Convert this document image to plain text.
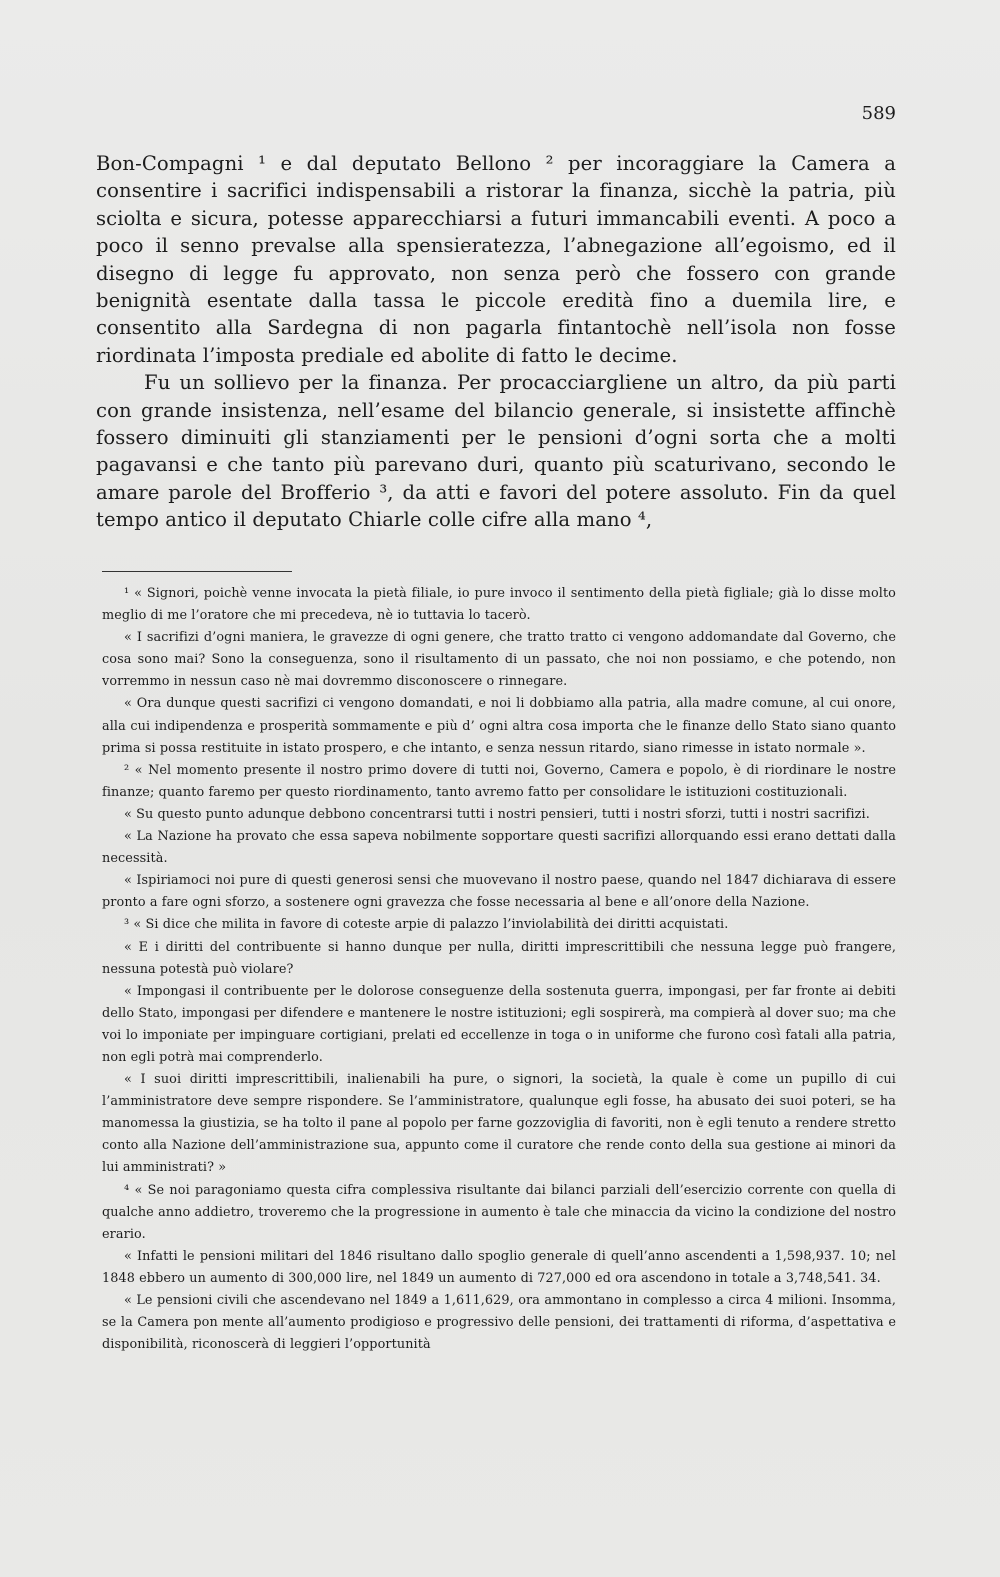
589

Bon-Compagni ¹ e dal deputato Bellono ² per incoraggiare la Camera a consentire i sacrifici indispensabili a ristorar la finanza, sicchè la patria, più sciolta e sicura, potesse apparecchiarsi a futuri immancabili eventi. A poco a poco il senno prevalse alla spensieratezza, l’abnegazione all’egoismo, ed il disegno di legge fu approvato, non senza però che fossero con grande benignità esentate dalla tassa le piccole eredità fino a duemila lire, e consentito alla Sardegna di non pagarla fintantochè nell’isola non fosse riordinata l’imposta prediale ed abolite di fatto le decime.

Fu un sollievo per la finanza. Per procacciargliene un altro, da più parti con grande insistenza, nell’esame del bilancio generale, si insistette affinchè fossero diminuiti gli stanziamenti per le pensioni d’ogni sorta che a molti pagavansi e che tanto più parevano duri, quanto più scaturivano, secondo le amare parole del Brofferio ³, da atti e favori del potere assoluto. Fin da quel tempo antico il deputato Chiarle colle cifre alla mano ⁴,

¹ « Signori, poichè venne invocata la pietà filiale, io pure invoco il sentimento della pietà figliale; già lo disse molto meglio di me l’oratore che mi precedeva, nè io tuttavia lo tacerò.

« I sacrifizi d’ogni maniera, le gravezze di ogni genere, che tratto tratto ci vengono addomandate dal Governo, che cosa sono mai? Sono la conseguenza, sono il risultamento di un passato, che noi non possiamo, e che potendo, non vorremmo in nessun caso nè mai dovremmo disconoscere o rinnegare.

« Ora dunque questi sacrifizi ci vengono domandati, e noi li dobbiamo alla patria, alla madre comune, al cui onore, alla cui indipendenza e prosperità sommamente e più d’ ogni altra cosa importa che le finanze dello Stato siano quanto prima si possa restituite in istato prospero, e che intanto, e senza nessun ritardo, siano rimesse in istato normale ».

² « Nel momento presente il nostro primo dovere di tutti noi, Governo, Camera e popolo, è di riordinare le nostre finanze; quanto faremo per questo riordinamento, tanto avremo fatto per consolidare le istituzioni costituzionali.

« Su questo punto adunque debbono concentrarsi tutti i nostri pensieri, tutti i nostri sforzi, tutti i nostri sacrifizi.

« La Nazione ha provato che essa sapeva nobilmente sopportare questi sacrifizi allorquando essi erano dettati dalla necessità.

« Ispiriamoci noi pure di questi generosi sensi che muovevano il nostro paese, quando nel 1847 dichiarava di essere pronto a fare ogni sforzo, a sostenere ogni gravezza che fosse necessaria al bene e all’onore della Nazione.

³ « Si dice che milita in favore di coteste arpie di palazzo l’inviolabilità dei diritti acquistati.

« E i diritti del contribuente si hanno dunque per nulla, diritti imprescrittibili che nessuna legge può frangere, nessuna potestà può violare?

« Impongasi il contribuente per le dolorose conseguenze della sostenuta guerra, impongasi, per far fronte ai debiti dello Stato, impongasi per difendere e mantenere le nostre istituzioni; egli sospirerà, ma compierà al dover suo; ma che voi lo imponiate per impinguare cortigiani, prelati ed eccellenze in toga o in uniforme che furono così fatali alla patria, non egli potrà mai comprenderlo.

« I suoi diritti imprescrittibili, inalienabili ha pure, o signori, la società, la quale è come un pupillo di cui l’amministratore deve sempre rispondere. Se l’amministratore, qualunque egli fosse, ha abusato dei suoi poteri, se ha manomessa la giustizia, se ha tolto il pane al popolo per farne gozzoviglia di favoriti, non è egli tenuto a rendere stretto conto alla Nazione dell’amministrazione sua, appunto come il curatore che rende conto della sua gestione ai minori da lui amministrati? »

⁴ « Se noi paragoniamo questa cifra complessiva risultante dai bilanci parziali dell’esercizio corrente con quella di qualche anno addietro, troveremo che la progressione in aumento è tale che minaccia da vicino la condizione del nostro erario.

« Infatti le pensioni militari del 1846 risultano dallo spoglio generale di quell’anno ascendenti a 1,598,937. 10; nel 1848 ebbero un aumento di 300,000 lire, nel 1849 un aumento di 727,000 ed ora ascendono in totale a 3,748,541. 34.

« Le pensioni civili che ascendevano nel 1849 a 1,611,629, ora ammontano in complesso a circa 4 milioni. Insomma, se la Camera pon mente all’aumento prodigioso e progressivo delle pensioni, dei trattamenti di riforma, d’aspettativa e disponibilità, riconoscerà di leggieri l’opportunità
